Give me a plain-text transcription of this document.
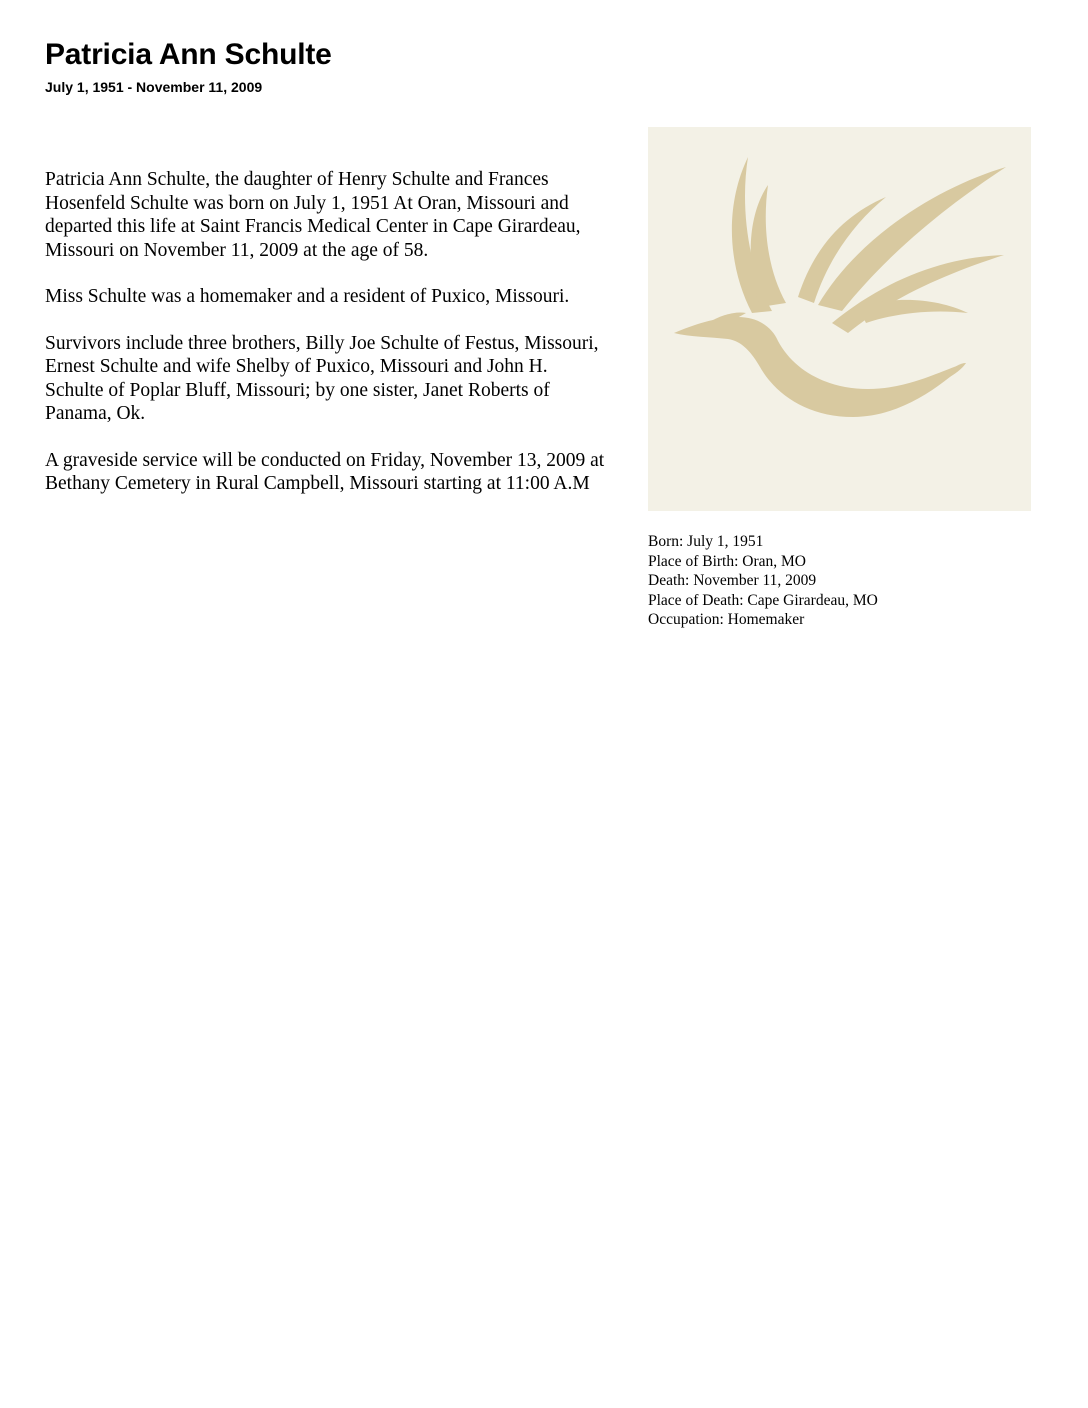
Patricia Ann Schulte
July 1, 1951 - November 11, 2009

Patricia Ann Schulte, the daughter of Henry Schulte and Frances Hosenfeld Schulte was born on July 1, 1951 At Oran, Missouri and departed this life at Saint Francis Medical Center in Cape Girardeau, Missouri on November 11, 2009 at the age of 58.

Miss Schulte was a homemaker and a resident of Puxico, Missouri.

Survivors include three brothers, Billy Joe Schulte of Festus, Missouri, Ernest Schulte and wife Shelby of Puxico, Missouri and John H. Schulte of Poplar Bluff, Missouri; by one sister, Janet Roberts of Panama, Ok.

A graveside service will be conducted on Friday, November 13, 2009 at Bethany Cemetery in Rural Campbell, Missouri starting at 11:00 A.M

Born: July 1, 1951
Place of Birth: Oran, MO
Death: November 11, 2009
Place of Death: Cape Girardeau, MO
Occupation: Homemaker
